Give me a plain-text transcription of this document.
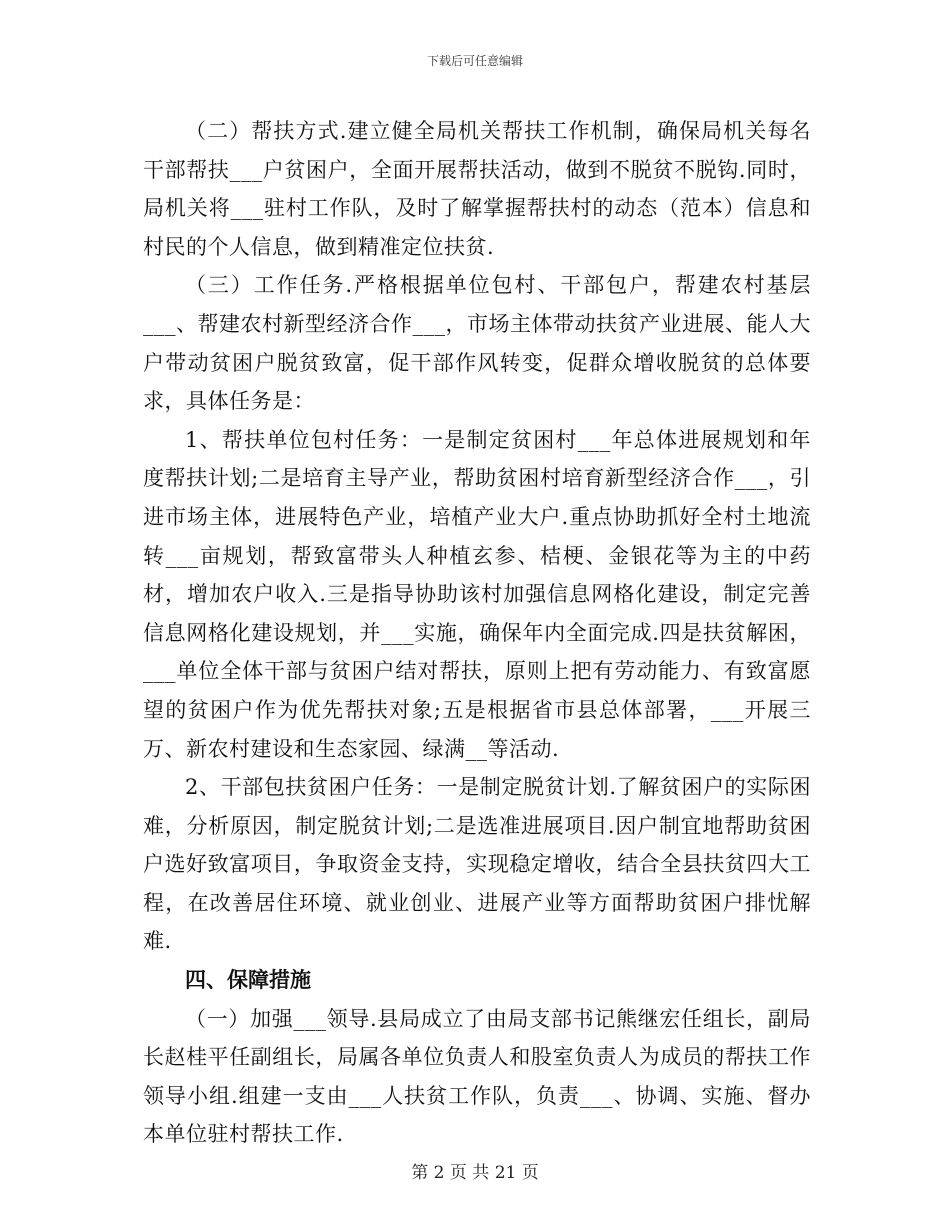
下载后可任意编辑

（二）帮扶方式.建立健全局机关帮扶工作机制，确保局机关每名干部帮扶___户贫困户，全面开展帮扶活动，做到不脱贫不脱钩.同时，局机关将___驻村工作队，及时了解掌握帮扶村的动态（范本）信息和村民的个人信息，做到精准定位扶贫.

（三）工作任务.严格根据单位包村、干部包户，帮建农村基层___、帮建农村新型经济合作___，市场主体带动扶贫产业进展、能人大户带动贫困户脱贫致富，促干部作风转变，促群众增收脱贫的总体要求，具体任务是：

1、帮扶单位包村任务：一是制定贫困村___年总体进展规划和年度帮扶计划;二是培育主导产业，帮助贫困村培育新型经济合作___，引进市场主体，进展特色产业，培植产业大户.重点协助抓好全村土地流转___亩规划，帮致富带头人种植玄参、桔梗、金银花等为主的中药材，增加农户收入.三是指导协助该村加强信息网格化建设，制定完善信息网格化建设规划，并___实施，确保年内全面完成.四是扶贫解困，___单位全体干部与贫困户结对帮扶，原则上把有劳动能力、有致富愿望的贫困户作为优先帮扶对象;五是根据省市县总体部署，___开展三万、新农村建设和生态家园、绿满__等活动.

2、干部包扶贫困户任务：一是制定脱贫计划.了解贫困户的实际困难，分析原因，制定脱贫计划;二是选准进展项目.因户制宜地帮助贫困户选好致富项目，争取资金支持，实现稳定增收，结合全县扶贫四大工程，在改善居住环境、就业创业、进展产业等方面帮助贫困户排忧解难.

四、保障措施

（一）加强___领导.县局成立了由局支部书记熊继宏任组长，副局长赵桂平任副组长，局属各单位负责人和股室负责人为成员的帮扶工作领导小组.组建一支由___人扶贫工作队，负责___、协调、实施、督办本单位驻村帮扶工作.

第 2 页 共 21 页
